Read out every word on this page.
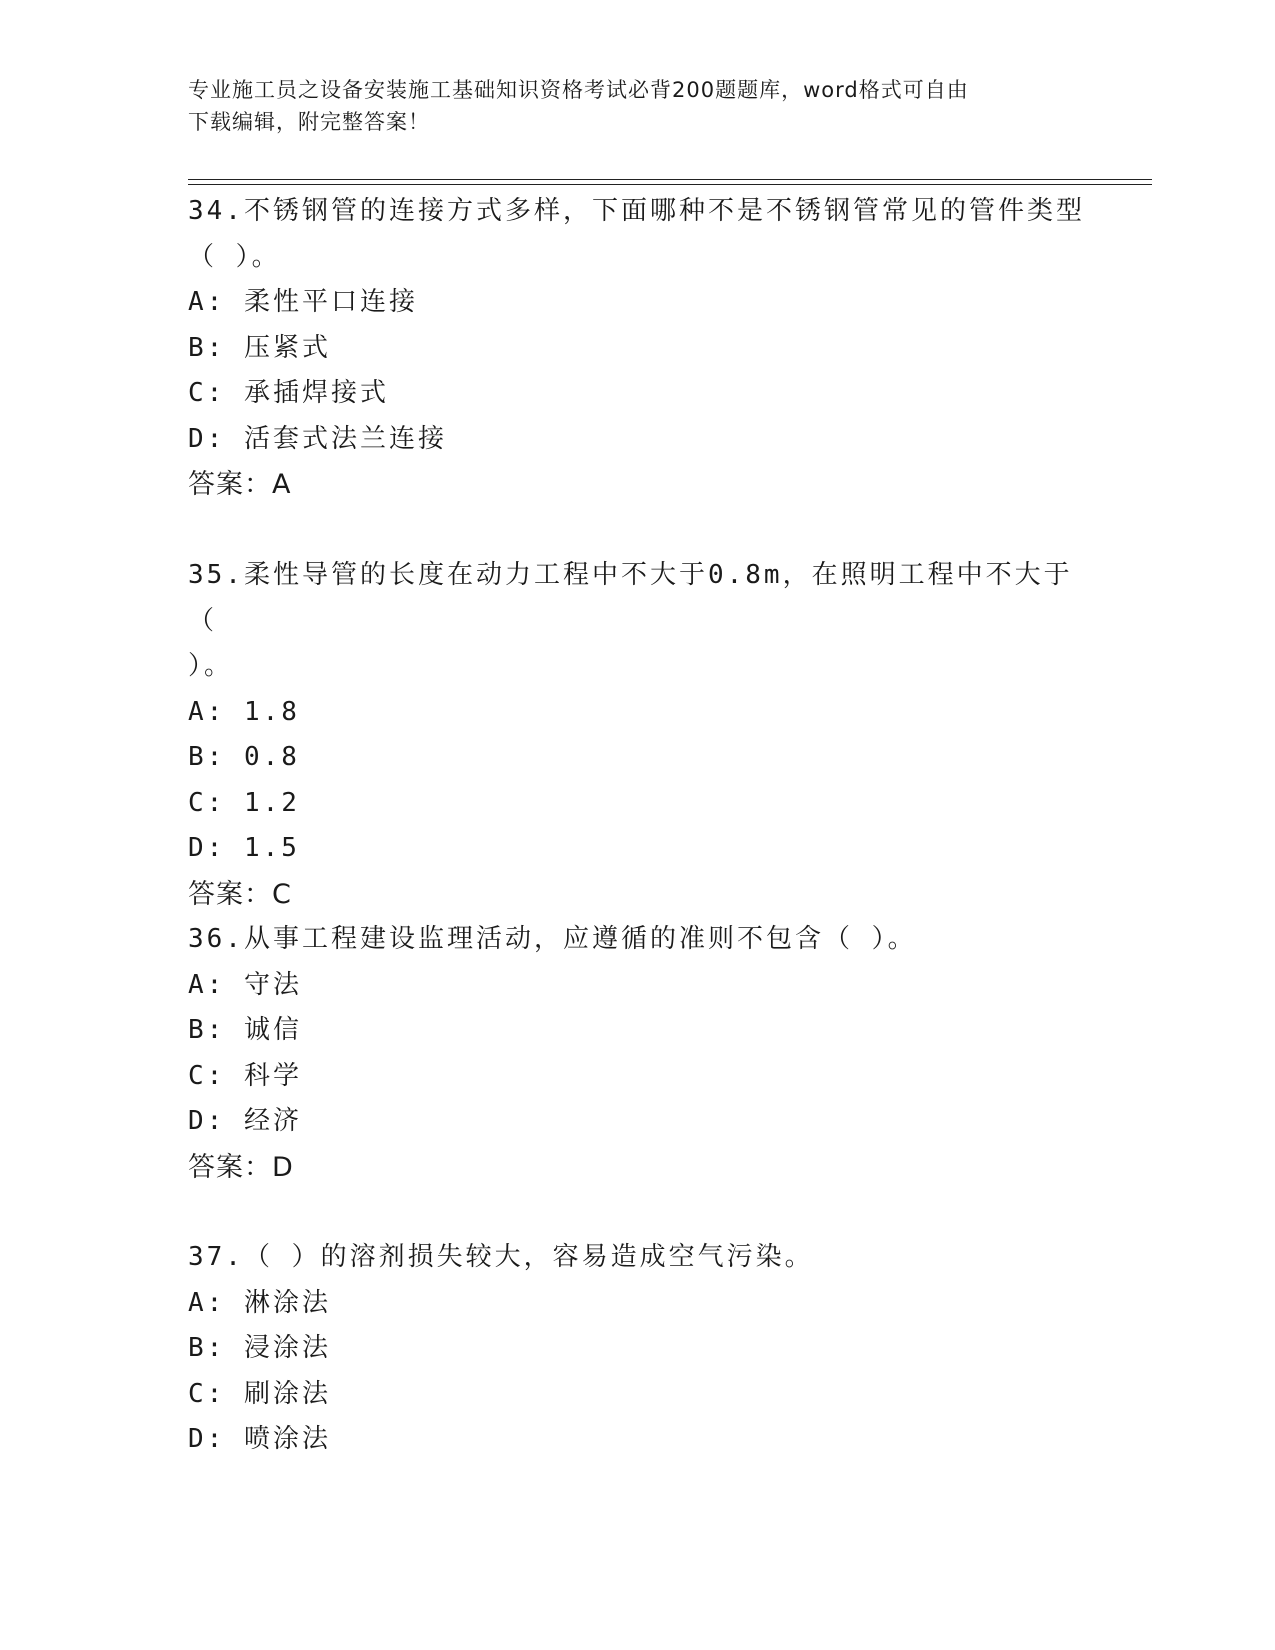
专业施工员之设备安装施工基础知识资格考试必背200题题库，word格式可自由
下载编辑，附完整答案！

34.不锈钢管的连接方式多样，下面哪种不是不锈钢管常见的管件类型

（ ）。

A: 柔性平口连接

B: 压紧式

C: 承插焊接式

D: 活套式法兰连接

答案：A

35.柔性导管的长度在动力工程中不大于0.8m，在照明工程中不大于（

）。

A: 1.8

B: 0.8

C: 1.2

D: 1.5

答案：C

36.从事工程建设监理活动，应遵循的准则不包含（ ）。

A: 守法

B: 诚信

C: 科学

D: 经济

答案：D

37.（ ）的溶剂损失较大，容易造成空气污染。

A: 淋涂法

B: 浸涂法

C: 刷涂法

D: 喷涂法
